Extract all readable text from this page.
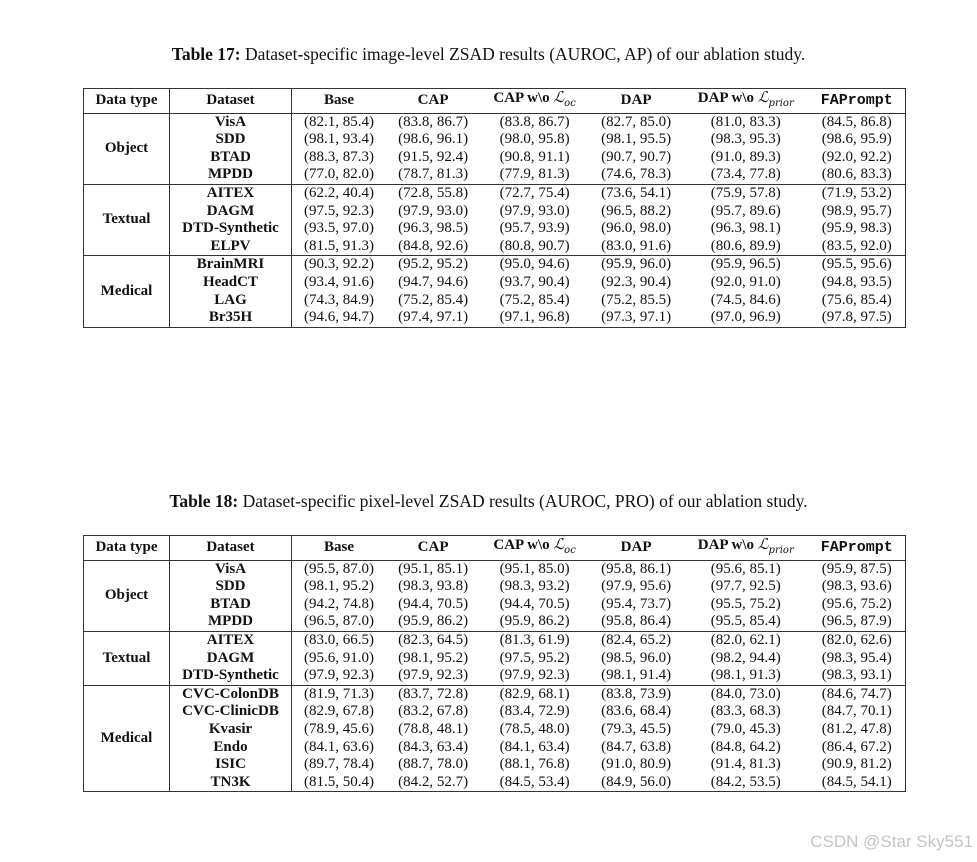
Table 17: Dataset-specific image-level ZSAD results (AUROC, AP) of our ablation study.
Data type	Dataset	Base	CAP	CAP w\o ℒ$_{oc}$	DAP	DAP w\o ℒ$_{prior}$	FAPrompt
Object	VisA	(82.1, 85.4)	(83.8, 86.7)	(83.8, 86.7)	(82.7, 85.0)	(81.0, 83.3)	(84.5, 86.8)
	SDD	(98.1, 93.4)	(98.6, 96.1)	(98.0, 95.8)	(98.1, 95.5)	(98.3, 95.3)	(98.6, 95.9)
	BTAD	(88.3, 87.3)	(91.5, 92.4)	(90.8, 91.1)	(90.7, 90.7)	(91.0, 89.3)	(92.0, 92.2)
	MPDD	(77.0, 82.0)	(78.7, 81.3)	(77.9, 81.3)	(74.6, 78.3)	(73.4, 77.8)	(80.6, 83.3)
Textual	AITEX	(62.2, 40.4)	(72.8, 55.8)	(72.7, 75.4)	(73.6, 54.1)	(75.9, 57.8)	(71.9, 53.2)
	DAGM	(97.5, 92.3)	(97.9, 93.0)	(97.9, 93.0)	(96.5, 88.2)	(95.7, 89.6)	(98.9, 95.7)
	DTD-Synthetic	(93.5, 97.0)	(96.3, 98.5)	(95.7, 93.9)	(96.0, 98.0)	(96.3, 98.1)	(95.9, 98.3)
	ELPV	(81.5, 91.3)	(84.8, 92.6)	(80.8, 90.7)	(83.0, 91.6)	(80.6, 89.9)	(83.5, 92.0)
Medical	BrainMRI	(90.3, 92.2)	(95.2, 95.2)	(95.0, 94.6)	(95.9, 96.0)	(95.9, 96.5)	(95.5, 95.6)
	HeadCT	(93.4, 91.6)	(94.7, 94.6)	(93.7, 90.4)	(92.3, 90.4)	(92.0, 91.0)	(94.8, 93.5)
	LAG	(74.3, 84.9)	(75.2, 85.4)	(75.2, 85.4)	(75.2, 85.5)	(74.5, 84.6)	(75.6, 85.4)
	Br35H	(94.6, 94.7)	(97.4, 97.1)	(97.1, 96.8)	(97.3, 97.1)	(97.0, 96.9)	(97.8, 97.5)
Table 18: Dataset-specific pixel-level ZSAD results (AUROC, PRO) of our ablation study.
Data type	Dataset	Base	CAP	CAP w\o ℒ$_{oc}$	DAP	DAP w\o ℒ$_{prior}$	FAPrompt
Object	VisA	(95.5, 87.0)	(95.1, 85.1)	(95.1, 85.0)	(95.8, 86.1)	(95.6, 85.1)	(95.9, 87.5)
	SDD	(98.1, 95.2)	(98.3, 93.8)	(98.3, 93.2)	(97.9, 95.6)	(97.7, 92.5)	(98.3, 93.6)
	BTAD	(94.2, 74.8)	(94.4, 70.5)	(94.4, 70.5)	(95.4, 73.7)	(95.5, 75.2)	(95.6, 75.2)
	MPDD	(96.5, 87.0)	(95.9, 86.2)	(95.9, 86.2)	(95.8, 86.4)	(95.5, 85.4)	(96.5, 87.9)
Textual	AITEX	(83.0, 66.5)	(82.3, 64.5)	(81.3, 61.9)	(82.4, 65.2)	(82.0, 62.1)	(82.0, 62.6)
	DAGM	(95.6, 91.0)	(98.1, 95.2)	(97.5, 95.2)	(98.5, 96.0)	(98.2, 94.4)	(98.3, 95.4)
	DTD-Synthetic	(97.9, 92.3)	(97.9, 92.3)	(97.9, 92.3)	(98.1, 91.4)	(98.1, 91.3)	(98.3, 93.1)
Medical	CVC-ColonDB	(81.9, 71.3)	(83.7, 72.8)	(82.9, 68.1)	(83.8, 73.9)	(84.0, 73.0)	(84.6, 74.7)
	CVC-ClinicDB	(82.9, 67.8)	(83.2, 67.8)	(83.4, 72.9)	(83.6, 68.4)	(83.3, 68.3)	(84.7, 70.1)
	Kvasir	(78.9, 45.6)	(78.8, 48.1)	(78.5, 48.0)	(79.3, 45.5)	(79.0, 45.3)	(81.2, 47.8)
	Endo	(84.1, 63.6)	(84.3, 63.4)	(84.1, 63.4)	(84.7, 63.8)	(84.8, 64.2)	(86.4, 67.2)
	ISIC	(89.7, 78.4)	(88.7, 78.0)	(88.1, 76.8)	(91.0, 80.9)	(91.4, 81.3)	(90.9, 81.2)
	TN3K	(81.5, 50.4)	(84.2, 52.7)	(84.5, 53.4)	(84.9, 56.0)	(84.2, 53.5)	(84.5, 54.1)
CSDN @Star Sky551
